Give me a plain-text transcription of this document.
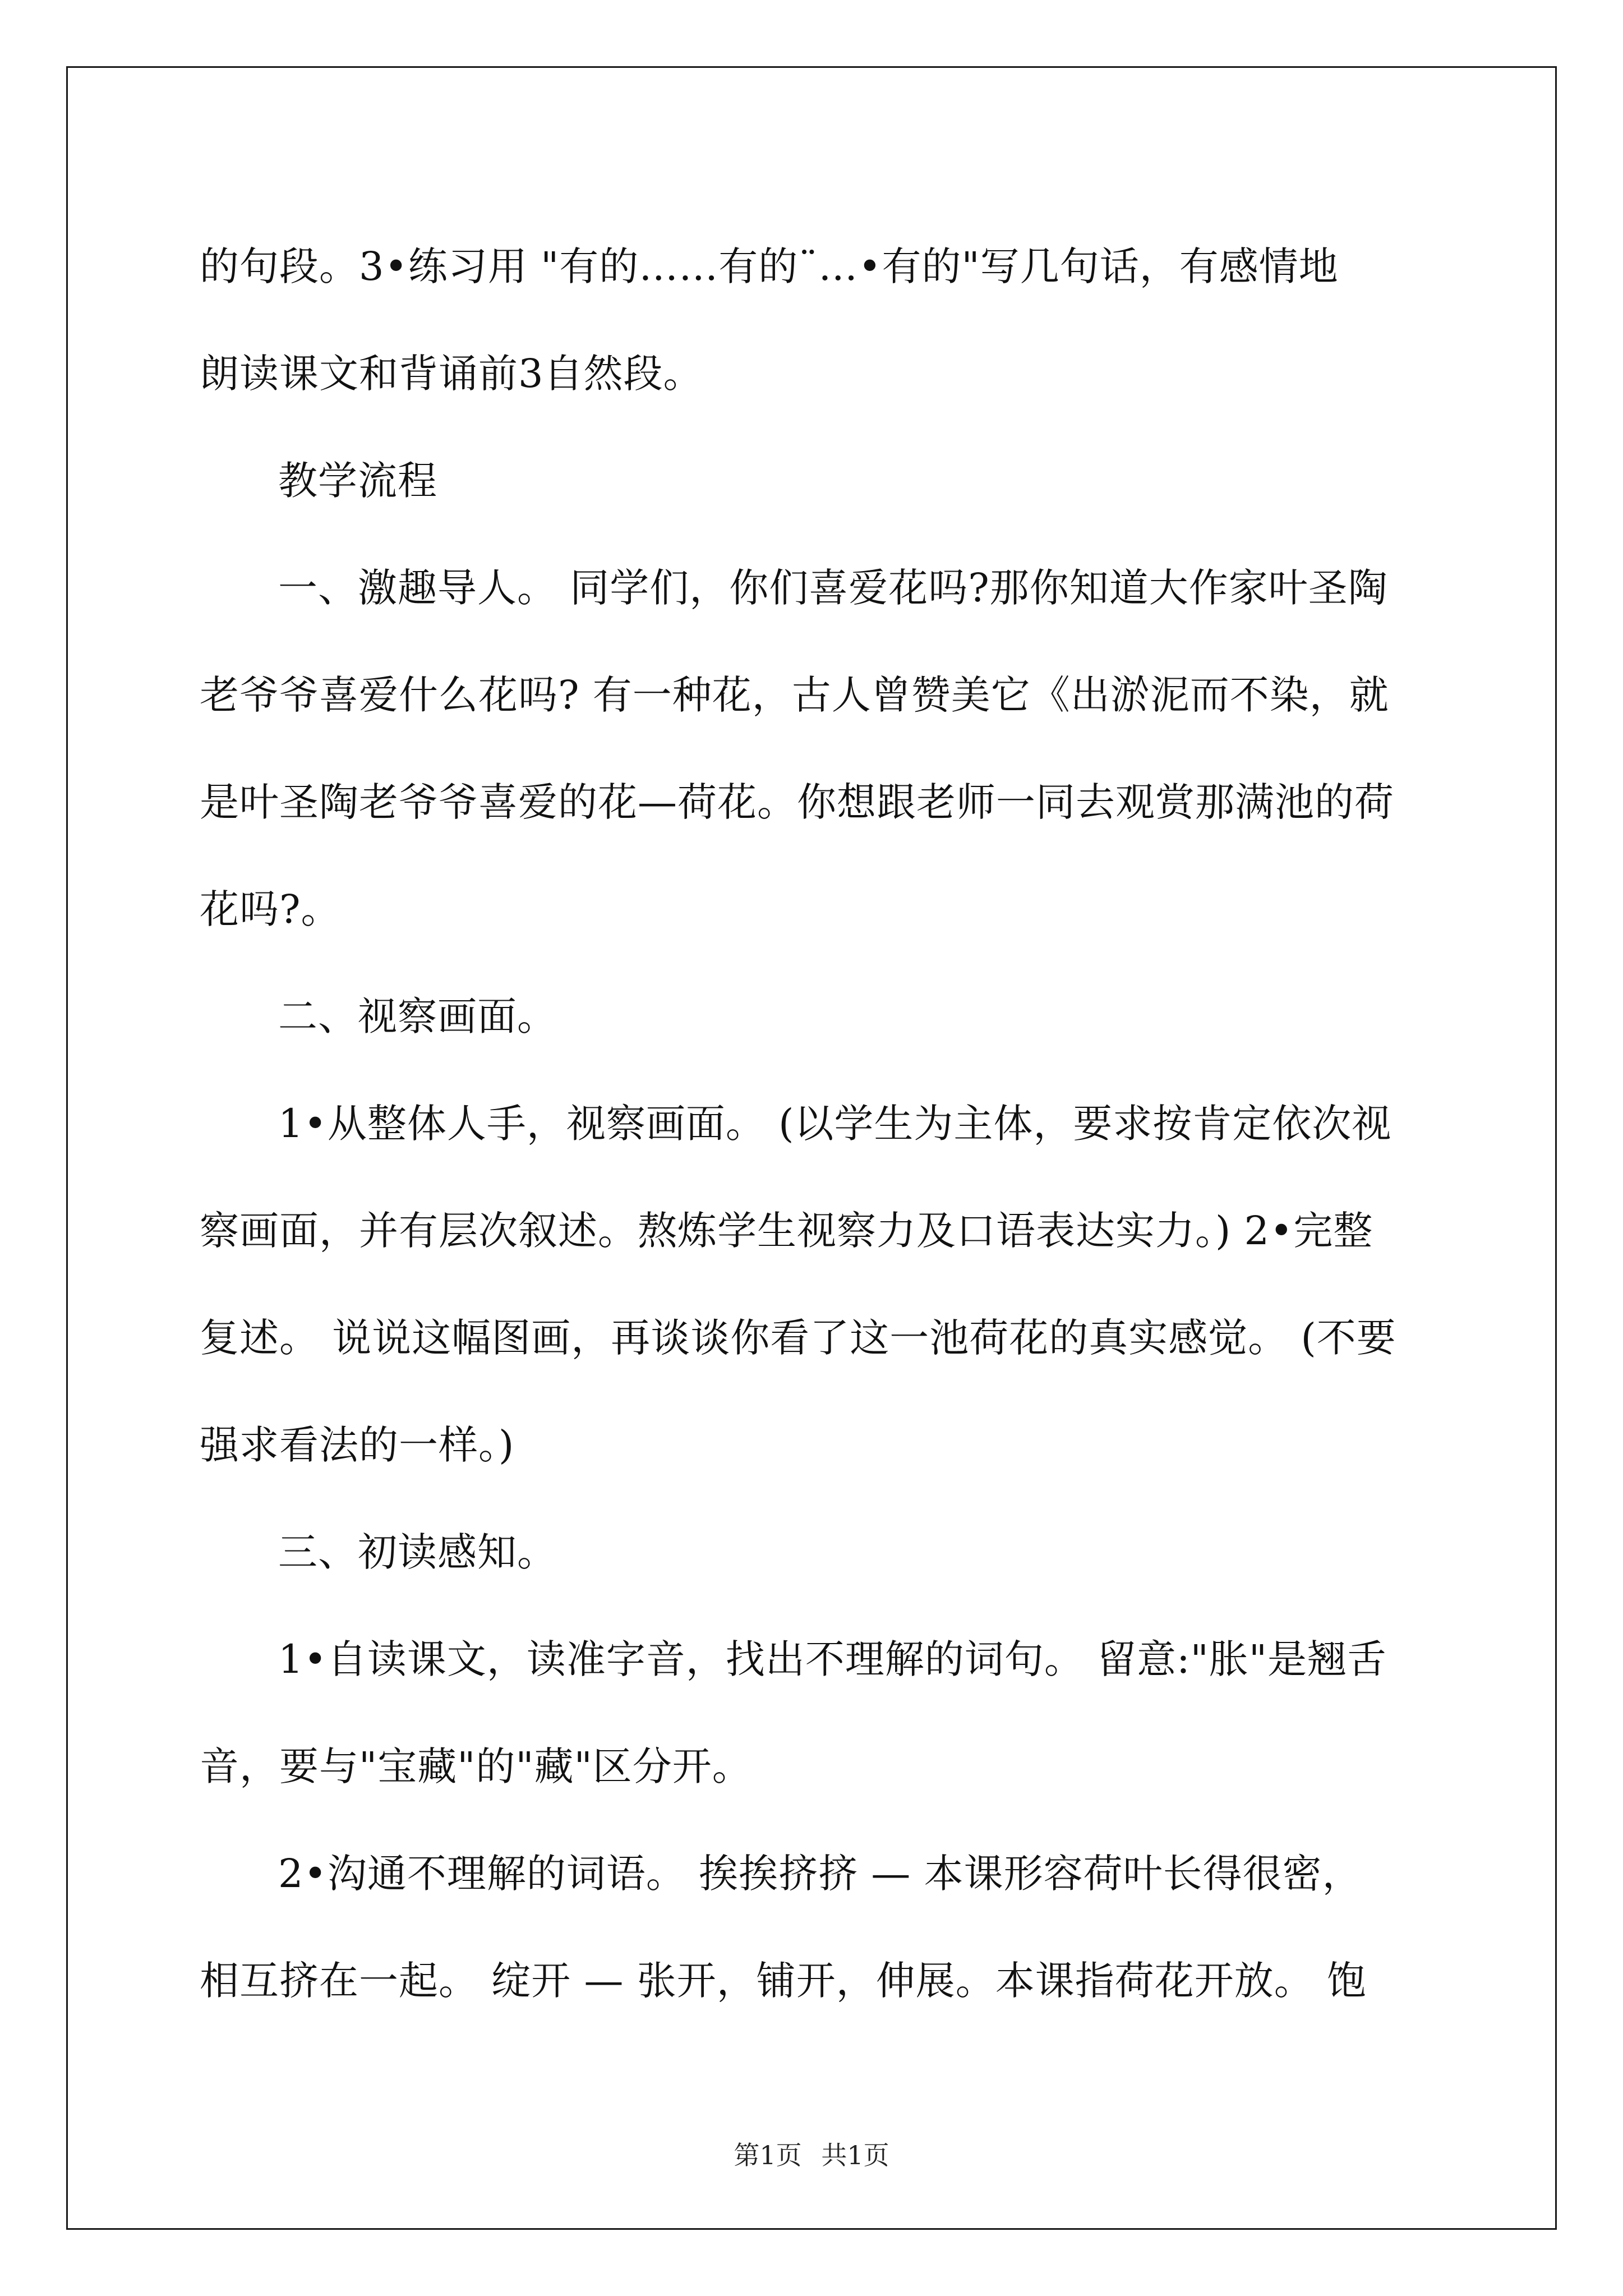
的句段。3•练习用 "有的……有的¨…•有的"写几句话，有感情地
朗读课文和背诵前3自然段。
教学流程
一、激趣导人。 同学们，你们喜爱花吗?那你知道大作家叶圣陶
老爷爷喜爱什么花吗? 有一种花，古人曾赞美它《出淤泥而不染，就
是叶圣陶老爷爷喜爱的花—荷花。你想跟老师一同去观赏那满池的荷
花吗?。
二、视察画面。
1•从整体人手，视察画面。 (以学生为主体，要求按肯定依次视
察画面，并有层次叙述。熬炼学生视察力及口语表达实力。) 2•完整
复述。 说说这幅图画，再谈谈你看了这一池荷花的真实感觉。 (不要
强求看法的一样。)
三、初读感知。
1•自读课文，读准字音，找出不理解的词句。 留意:"胀"是翘舌
音，要与"宝藏"的"藏"区分开。
2•沟通不理解的词语。 挨挨挤挤 — 本课形容荷叶长得很密，
相互挤在一起。 绽开 — 张开，铺开，伸展。本课指荷花开放。 饱
第1页 共1页
